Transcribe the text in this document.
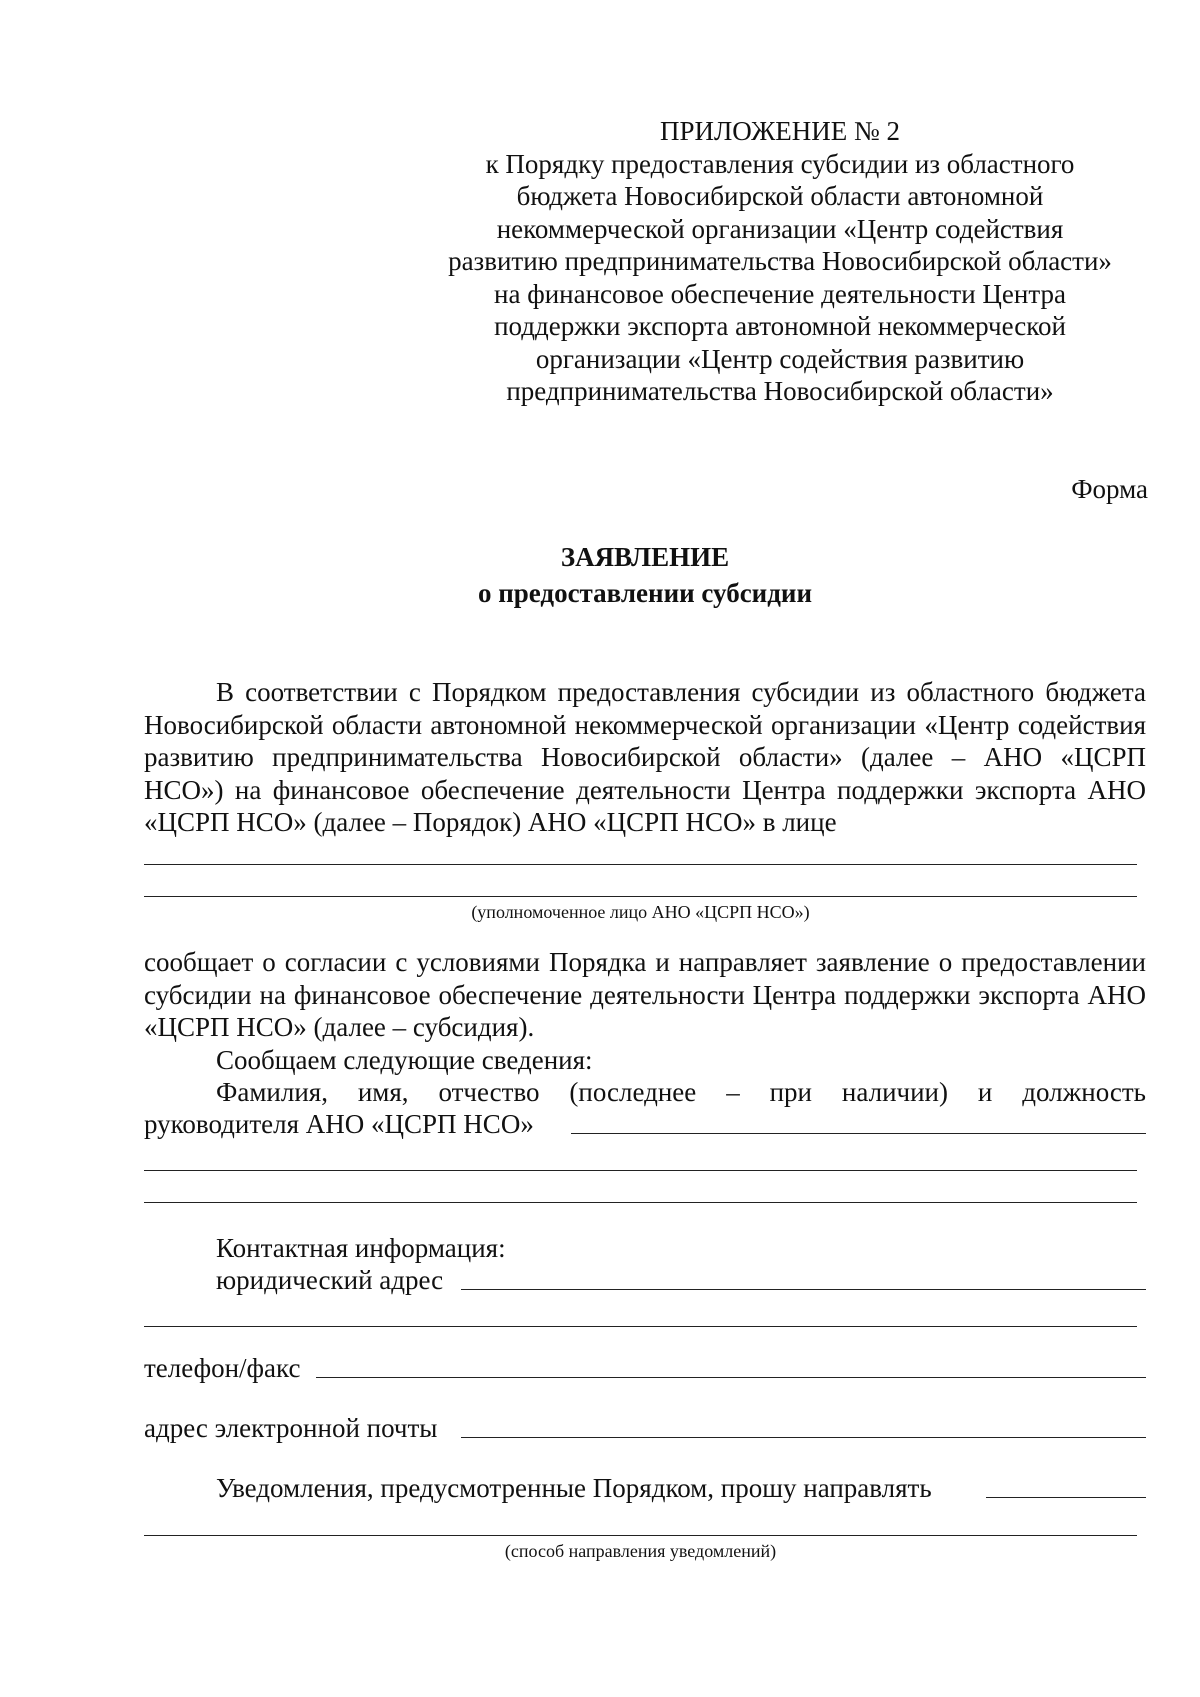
ПРИЛОЖЕНИЕ № 2
к Порядку предоставления субсидии из областного
бюджета Новосибирской области автономной
некоммерческой организации «Центр содействия
развитию предпринимательства Новосибирской области»
на финансовое обеспечение деятельности Центра
поддержки экспорта автономной некоммерческой
организации «Центр содействия развитию
предпринимательства Новосибирской области»
Форма
ЗАЯВЛЕНИЕ
о предоставлении субсидии
В соответствии с Порядком предоставления субсидии из областного бюджета Новосибирской области автономной некоммерческой организации «Центр содействия развитию предпринимательства Новосибирской области» (далее – АНО «ЦСРП НСО») на финансовое обеспечение деятельности Центра поддержки экспорта АНО «ЦСРП НСО» (далее – Порядок) АНО «ЦСРП НСО» в лице
(уполномоченное лицо АНО «ЦСРП НСО»)
сообщает о согласии с условиями Порядка и направляет заявление о предоставлении субсидии на финансовое обеспечение деятельности Центра поддержки экспорта АНО «ЦСРП НСО» (далее – субсидия).
Сообщаем следующие сведения:
Фамилия, имя, отчество (последнее – при наличии) и должность
руководителя АНО «ЦСРП НСО»
Контактная информация:
юридический адрес
телефон/факс
адрес электронной почты
Уведомления, предусмотренные Порядком, прошу направлять
(способ направления уведомлений)
